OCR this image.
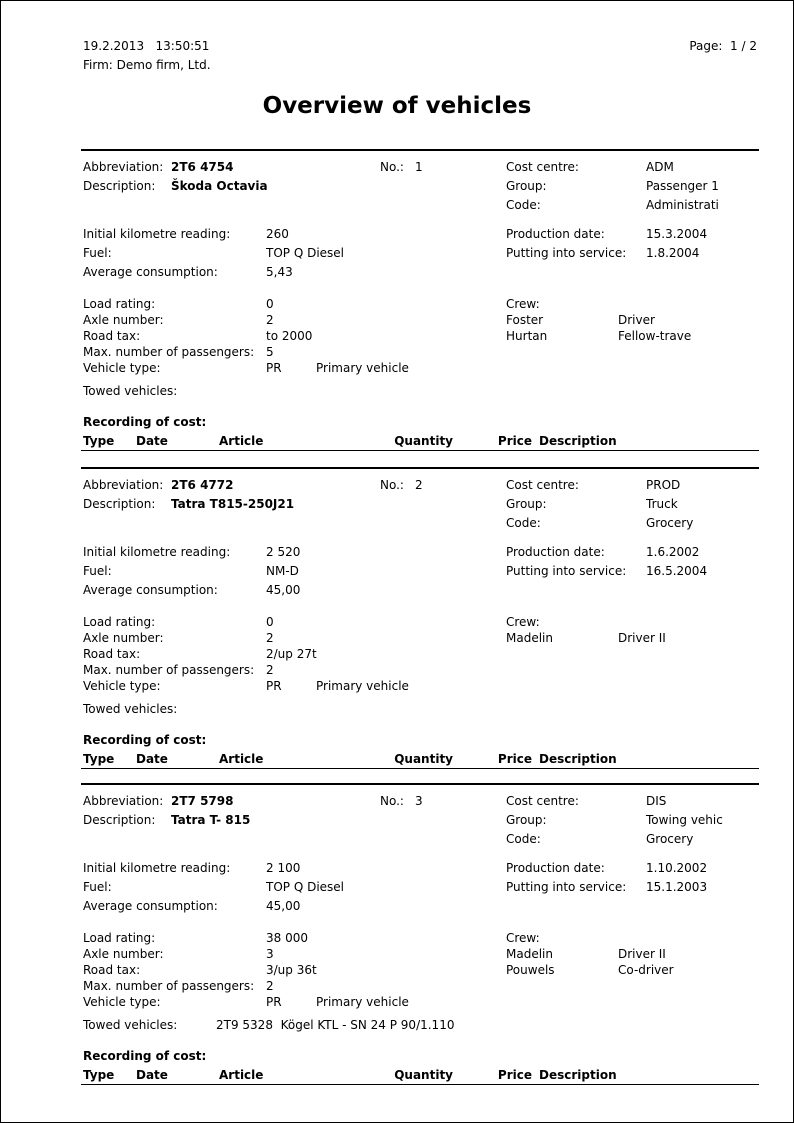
19.2.2013   13:50:51
Firm: Demo firm, Ltd.
Page:  1 / 2
Overview of vehicles
Abbreviation: 2T6 4754	No.: 1	Cost centre:	ADM
Description: Škoda Octavia	Group:	Passenger 1
Code:	Administrati
Initial kilometre reading:	260	Production date:	15.3.2004
Fuel:	TOP Q Diesel	Putting into service: 1.8.2004
Average consumption:	5,43
Load rating:	0	Crew:
Axle number:	2	Foster	Driver
Road tax:	to 2000	Hurtan	Fellow-trave
Max. number of passengers: 5
Vehicle type:	PR	Primary vehicle
Towed vehicles:
Recording of cost:
Type Date	Article	Quantity	Price Description
Abbreviation: 2T6 4772	No.: 2	Cost centre:	PROD
Description: Tatra T815-250J21	Group:	Truck
Code:	Grocery
Initial kilometre reading:	2 520	Production date:	1.6.2002
Fuel:	NM-D	Putting into service: 16.5.2004
Average consumption:	45,00
Load rating:	0	Crew:
Axle number:	2	Madelin	Driver II
Road tax:	2/up 27t
Max. number of passengers: 2
Vehicle type:	PR	Primary vehicle
Towed vehicles:
Recording of cost:
Type Date	Article	Quantity	Price Description
Abbreviation: 2T7 5798	No.: 3	Cost centre:	DIS
Description: Tatra T- 815	Group:	Towing vehic
Code:	Grocery
Initial kilometre reading:	2 100	Production date:	1.10.2002
Fuel:	TOP Q Diesel	Putting into service: 15.1.2003
Average consumption:	45,00
Load rating:	38 000	Crew:
Axle number:	3	Madelin	Driver II
Road tax:	3/up 36t	Pouwels	Co-driver
Max. number of passengers: 2
Vehicle type:	PR	Primary vehicle
Towed vehicles:	2T9 5328  Kögel KTL - SN 24 P 90/1.110
Recording of cost:
Type Date	Article	Quantity	Price Description
